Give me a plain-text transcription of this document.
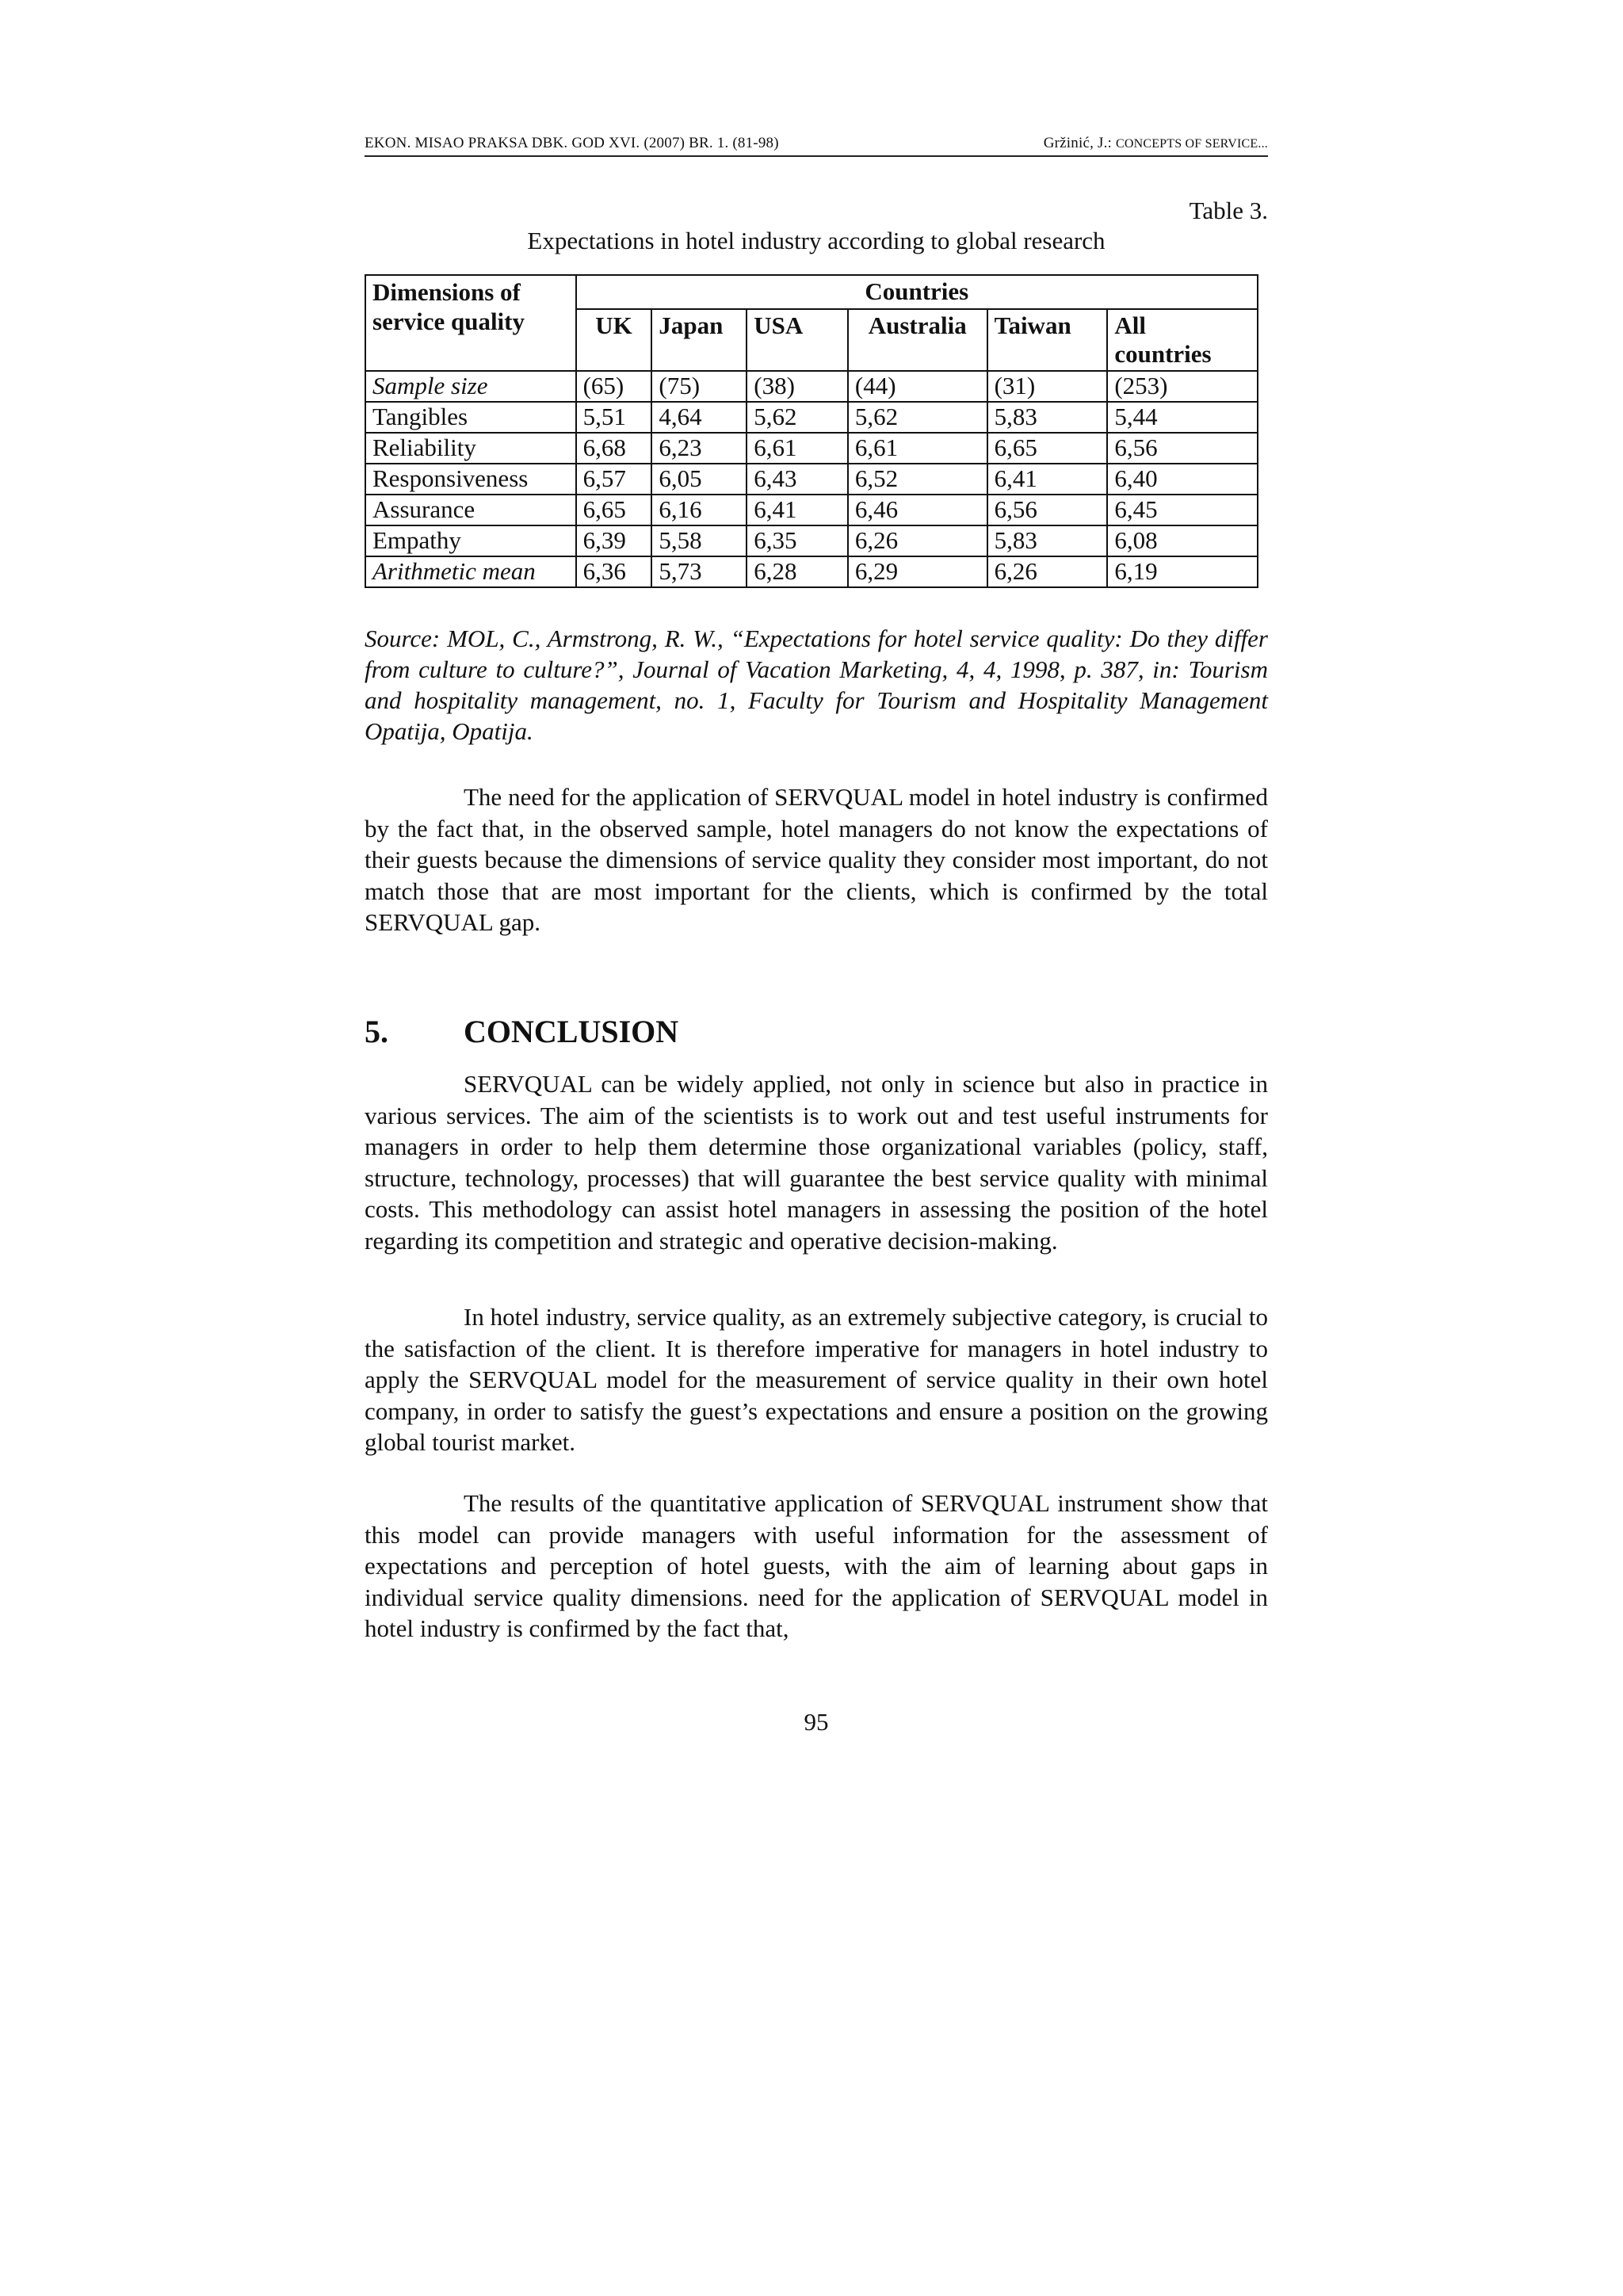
EKON. MISAO PRAKSA DBK. GOD XVI. (2007) BR. 1. (81-98)	Gržinić, J.: CONCEPTS OF SERVICE...
Table 3.
Expectations in hotel industry according to global research
Dimensions of	Countries					

service quality	UK	Japan	USA	Australia	Taiwan	All countries
Sample size	(65)	(75)	(38)	(44)	(31)	(253)
Tangibles	5,51	4,64	5,62	5,62	5,83	5,44
Reliability	6,68	6,23	6,61	6,61	6,65	6,56
Responsiveness	6,57	6,05	6,43	6,52	6,41	6,40
Assurance	6,65	6,16	6,41	6,46	6,56	6,45
Empathy	6,39	5,58	6,35	6,26	5,83	6,08
Arithmetic mean	6,36	5,73	6,28	6,29	6,26	6,19
Source: MOL, C., Armstrong, R. W., “Expectations for hotel service quality: Do they differ from culture to culture?”, Journal of Vacation Marketing, 4, 4, 1998, p. 387, in: Tourism and hospitality management, no. 1, Faculty for Tourism and Hospitality Management Opatija, Opatija.

The need for the application of SERVQUAL model in hotel industry is confirmed by the fact that, in the observed sample, hotel managers do not know the expectations of their guests because the dimensions of service quality they consider most important, do not match those that are most important for the clients, which is confirmed by the total SERVQUAL gap.

5. CONCLUSION

SERVQUAL can be widely applied, not only in science but also in practice in various services. The aim of the scientists is to work out and test useful instruments for managers in order to help them determine those organizational variables (policy, staff, structure, technology, processes) that will guarantee the best service quality with minimal costs. This methodology can assist hotel managers in assessing the position of the hotel regarding its competition and strategic and operative decision-making.

In hotel industry, service quality, as an extremely subjective category, is crucial to the satisfaction of the client. It is therefore imperative for managers in hotel industry to apply the SERVQUAL model for the measurement of service quality in their own hotel company, in order to satisfy the guest’s expectations and ensure a position on the growing global tourist market.

The results of the quantitative application of SERVQUAL instrument show that this model can provide managers with useful information for the assessment of expectations and perception of hotel guests, with the aim of learning about gaps in individual service quality dimensions. need for the application of SERVQUAL model in hotel industry is confirmed by the fact that,

95
